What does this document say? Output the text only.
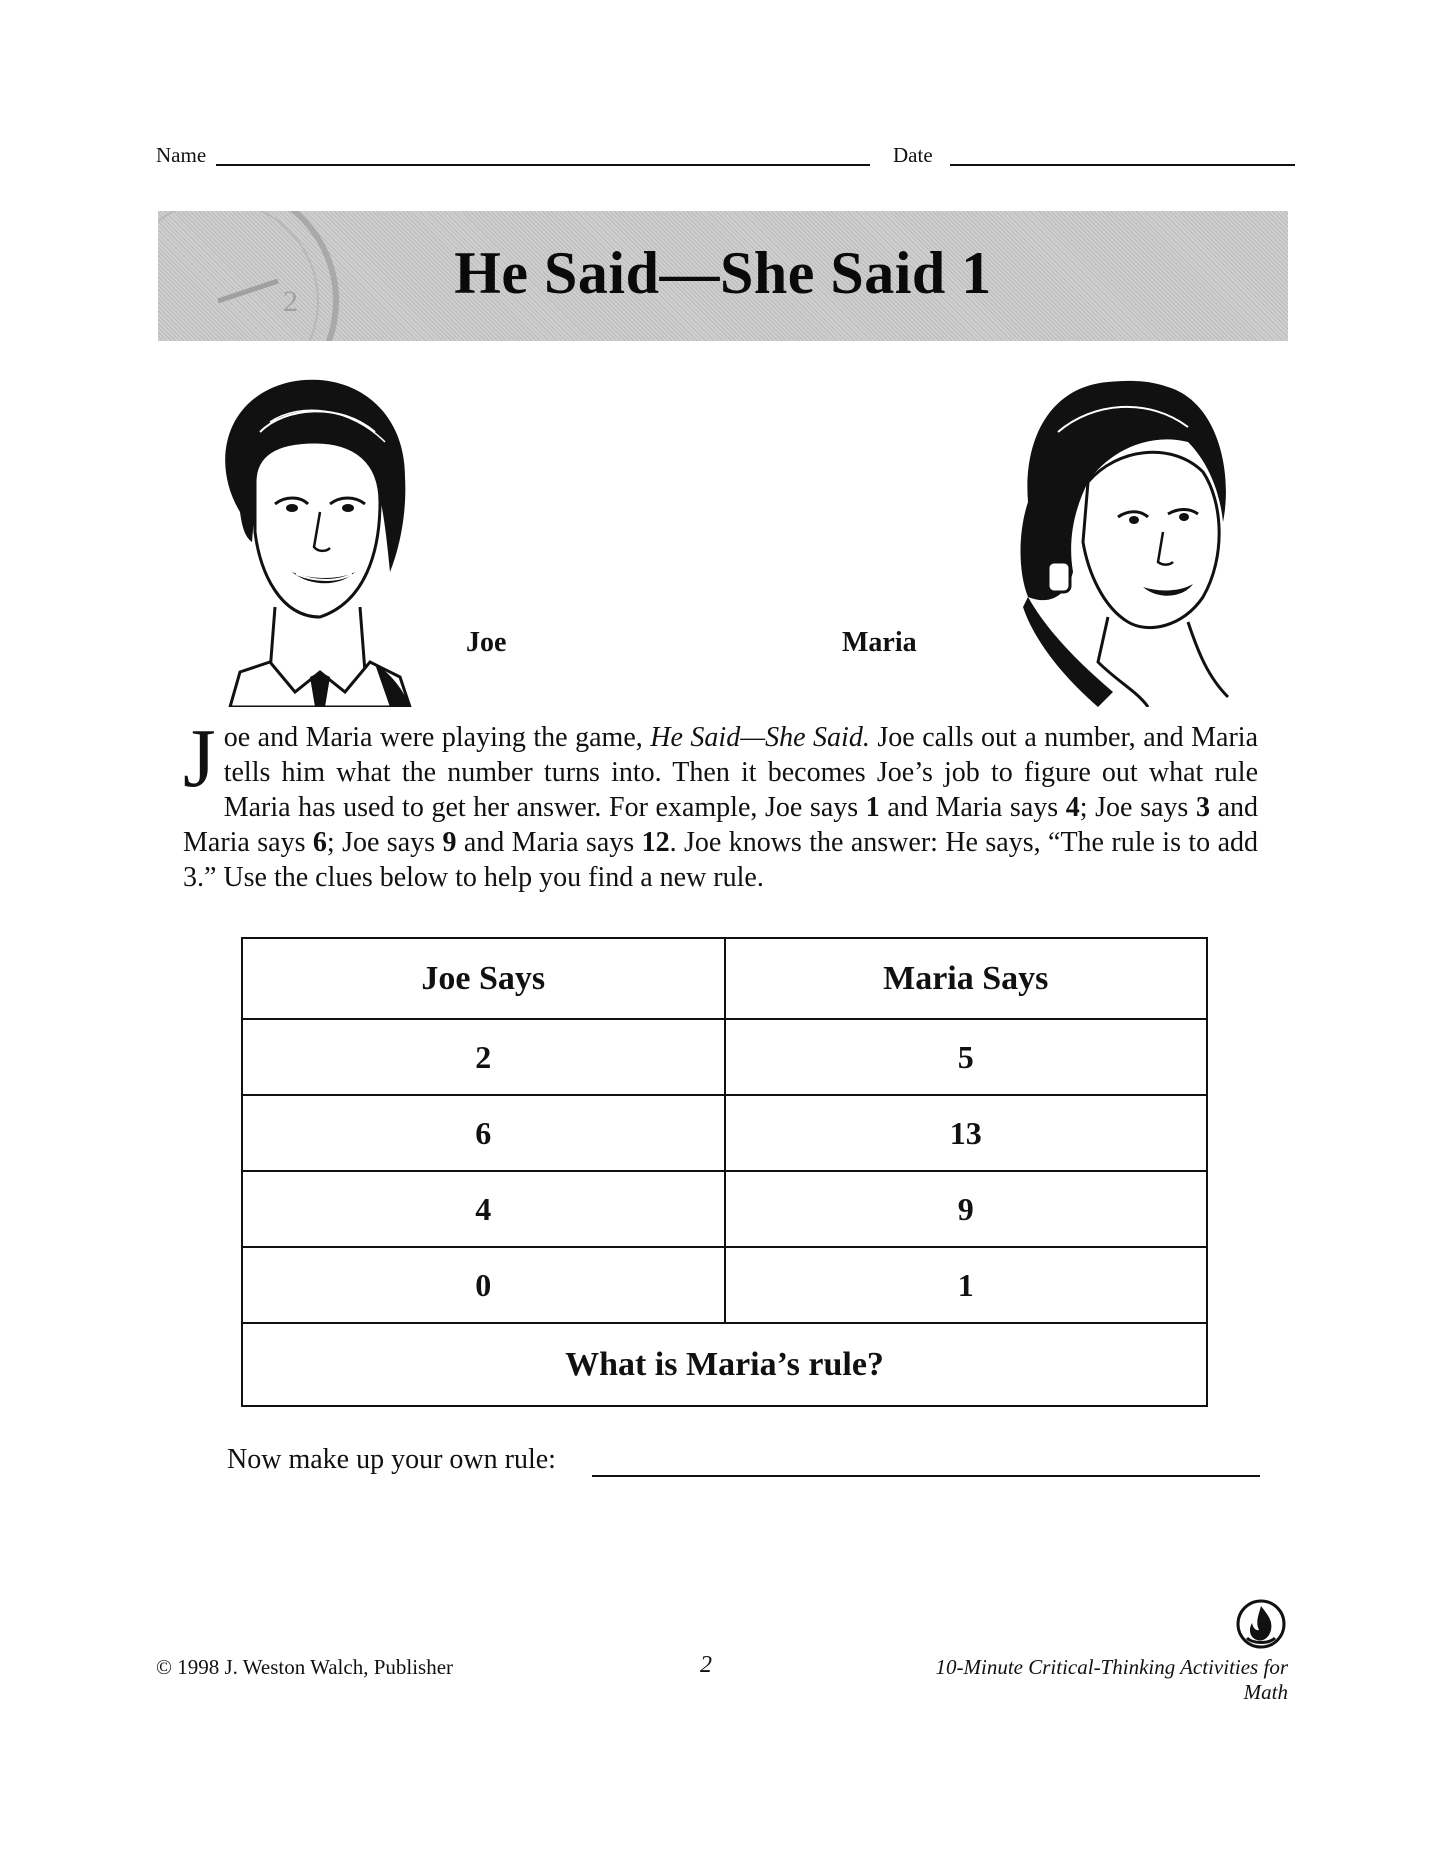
Name	Date
2
4
He Said—She Said 1
Joe	Maria
Joe and Maria were playing the game, He Said—She Said. Joe calls out a number, and Maria tells him what the number turns into. Then it becomes Joe’s job to figure out what rule Maria has used to get her answer. For example, Joe says 1 and Maria says 4; Joe says 3 and Maria says 6; Joe says 9 and Maria says 12. Joe knows the answer: He says, “The rule is to add 3.” Use the clues below to help you find a new rule.
Joe Says	Maria Says
2	5
6	13
4	9
0	1
What is Maria’s rule?	
Now make up your own rule:
© 1998 J. Weston Walch, Publisher	2	10-Minute Critical-Thinking Activities for Math
